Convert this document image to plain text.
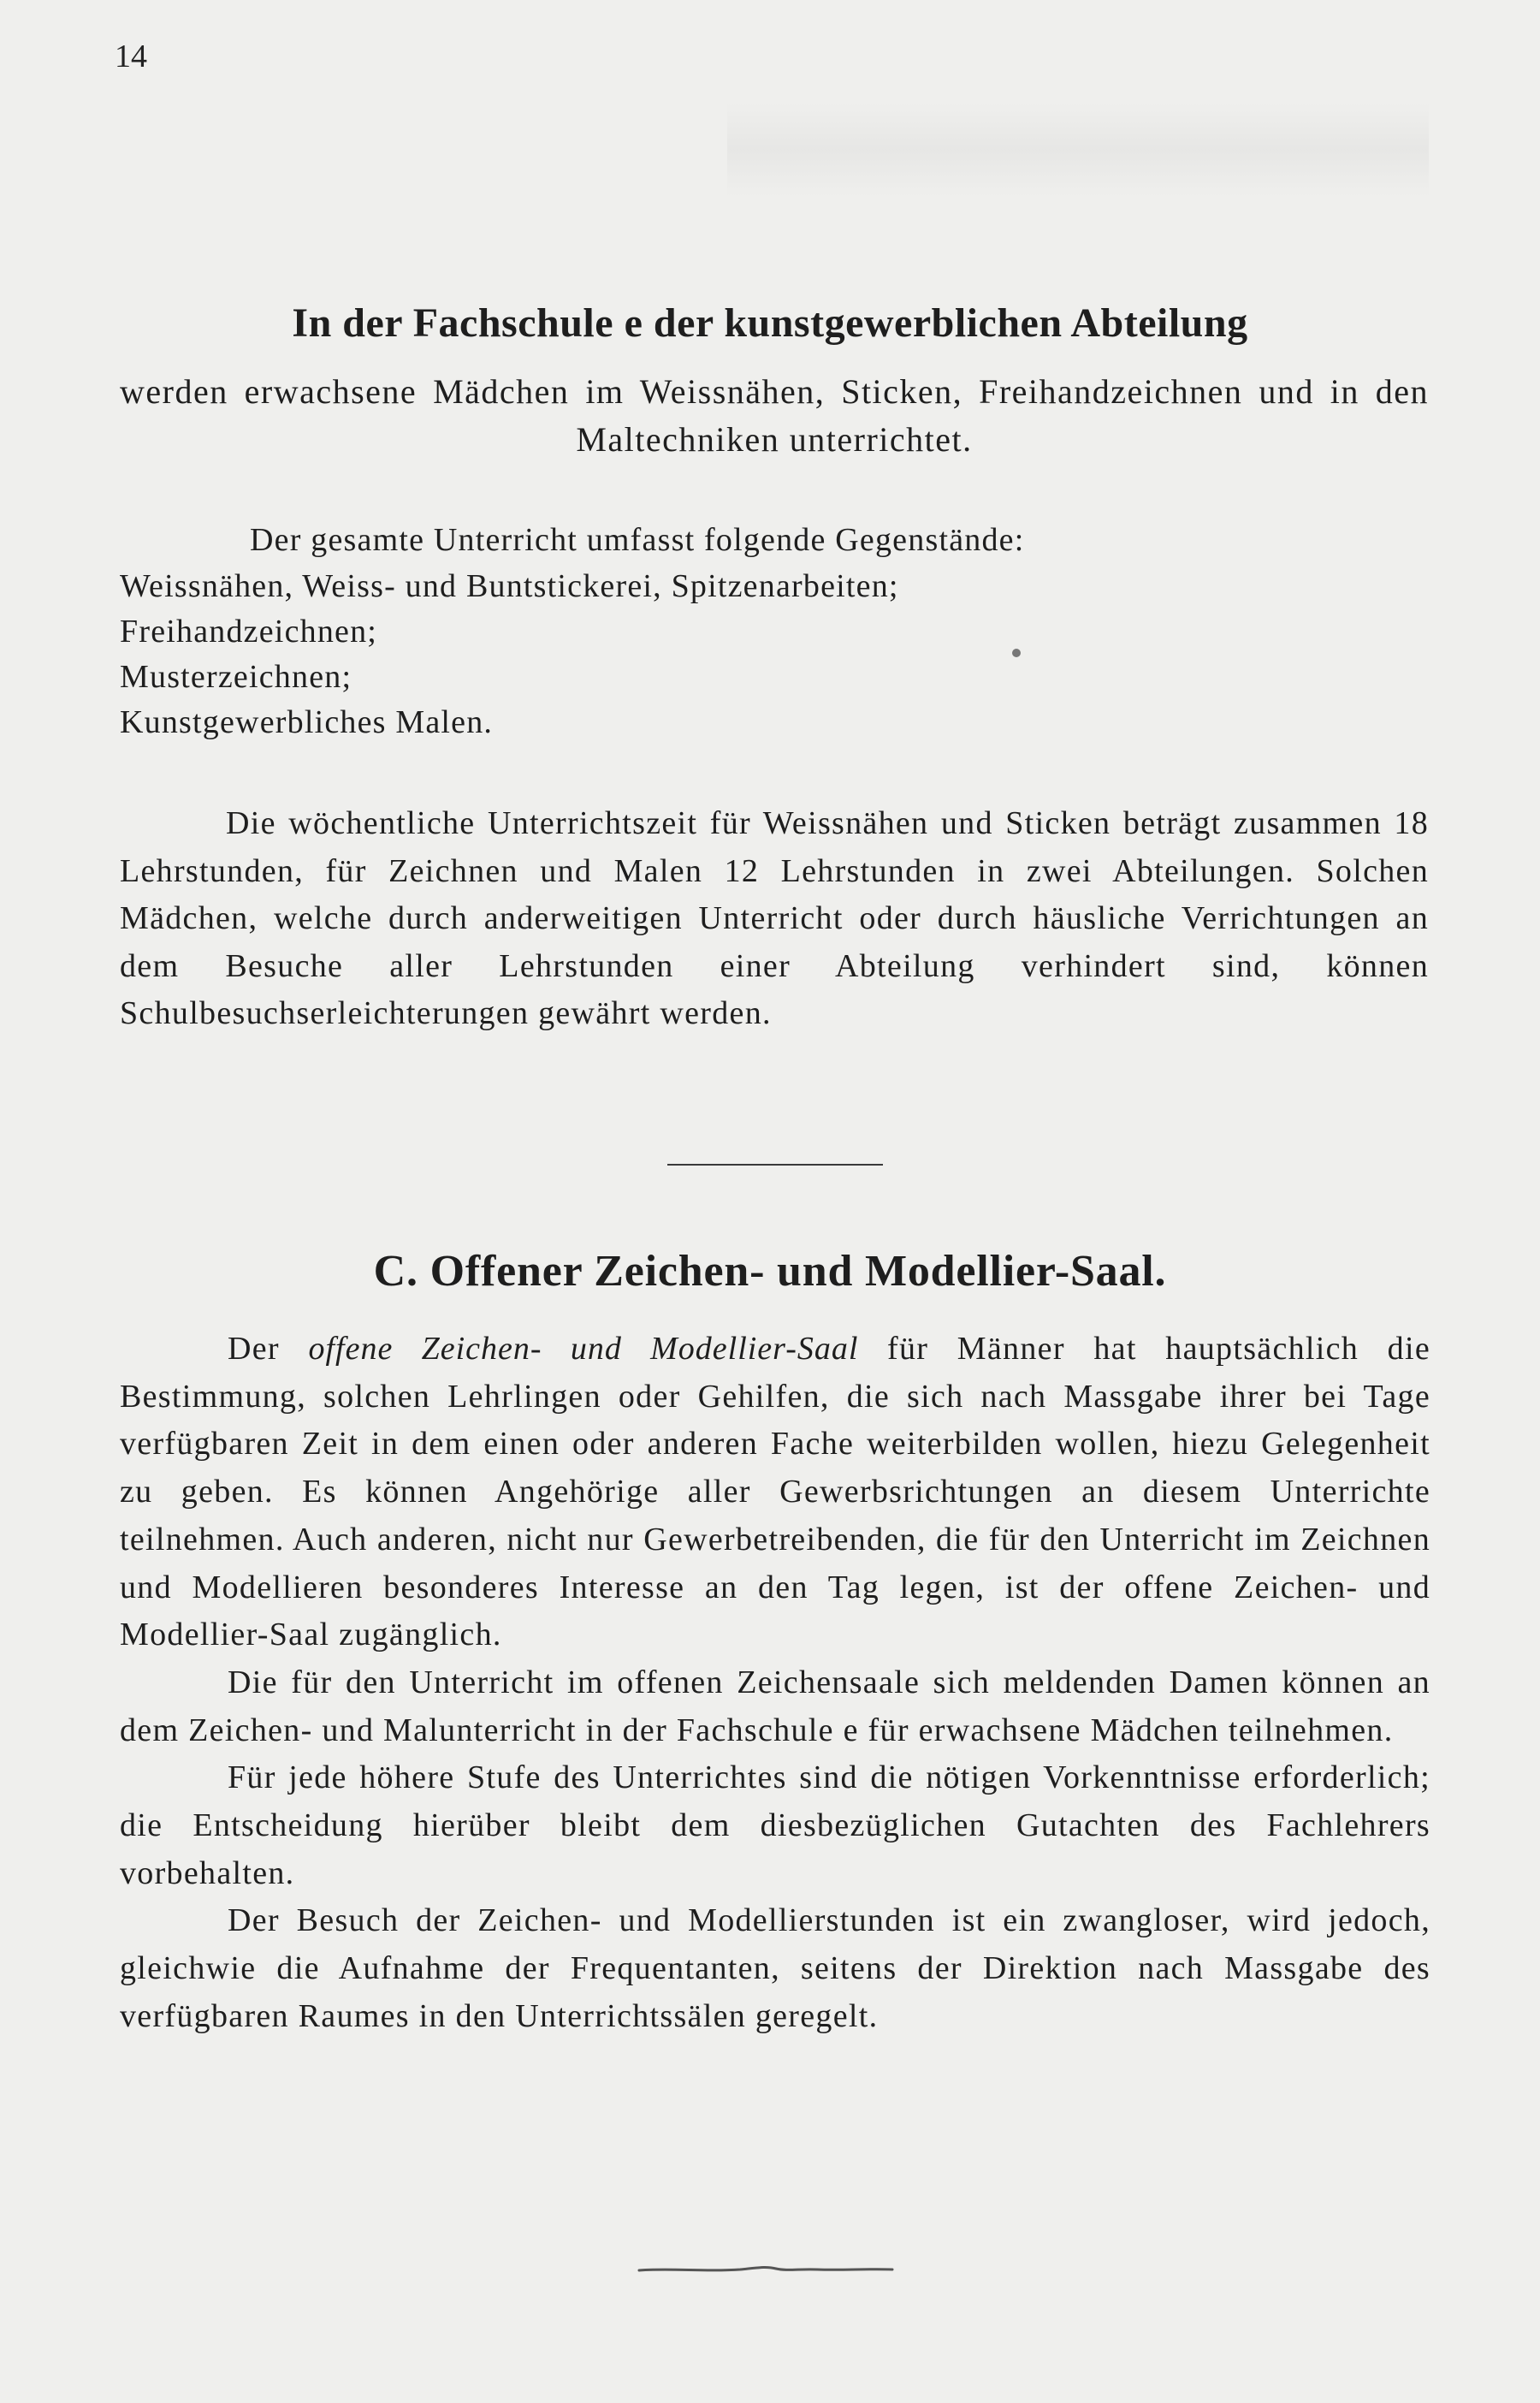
14
In der Fachschule e der kunstgewerblichen Abteilung
werden erwachsene Mädchen im Weissnähen, Sticken, Freihandzeichnen und in den Maltechniken unterrichtet.
Der gesamte Unterricht umfasst folgende Gegenstände:
Weissnähen, Weiss- und Buntstickerei, Spitzenarbeiten;
Freihandzeichnen;
Musterzeichnen;
Kunstgewerbliches Malen.
Die wöchentliche Unterrichtszeit für Weissnähen und Sticken beträgt zusammen 18 Lehrstunden, für Zeichnen und Malen 12 Lehrstunden in zwei Abteilungen. Solchen Mädchen, welche durch anderweitigen Unterricht oder durch häusliche Verrichtungen an dem Besuche aller Lehrstunden einer Abteilung verhindert sind, können Schulbesuchserleichterungen gewährt werden.
C. Offener Zeichen- und Modellier-Saal.

Der offene Zeichen- und Modellier-Saal für Männer hat hauptsächlich die Bestimmung, solchen Lehrlingen oder Gehilfen, die sich nach Massgabe ihrer bei Tage verfügbaren Zeit in dem einen oder anderen Fache weiterbilden wollen, hiezu Gelegenheit zu geben. Es können Angehörige aller Gewerbsrichtungen an diesem Unterrichte teilnehmen. Auch anderen, nicht nur Gewerbetreibenden, die für den Unterricht im Zeichnen und Modellieren besonderes Interesse an den Tag legen, ist der offene Zeichen- und Modellier-Saal zugänglich.

Die für den Unterricht im offenen Zeichensaale sich meldenden Damen können an dem Zeichen- und Malunterricht in der Fachschule e für erwachsene Mädchen teilnehmen.

Für jede höhere Stufe des Unterrichtes sind die nötigen Vorkenntnisse erforderlich; die Entscheidung hierüber bleibt dem diesbezüglichen Gutachten des Fachlehrers vorbehalten.

Der Besuch der Zeichen- und Modellierstunden ist ein zwangloser, wird jedoch, gleichwie die Aufnahme der Frequentanten, seitens der Direktion nach Massgabe des verfügbaren Raumes in den Unterrichtssälen geregelt.
